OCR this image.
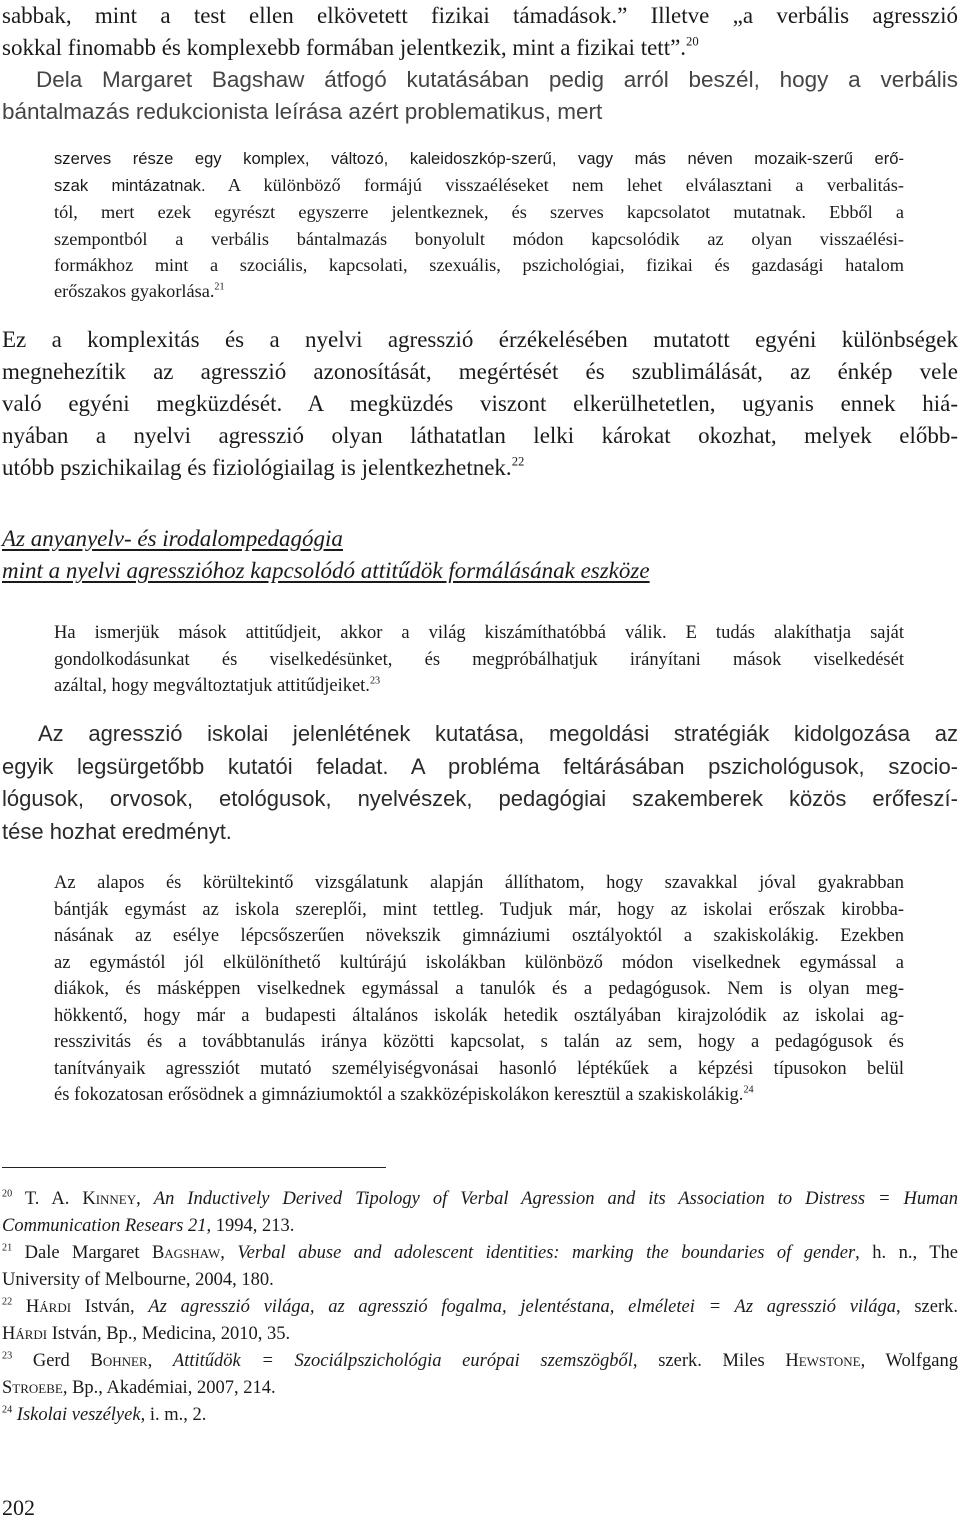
sabbak, mint a test ellen elkövetett fizikai támadások.” Illetve „a verbális agresszió
sokkal finomabb és komplexebb formában jelentkezik, mint a fizikai tett”.$^{20}$
Dela Margaret Bagshaw átfogó kutatásában pedig arról beszél, hogy a verbális
bántalmazás redukcionista leírása azért problematikus, mert
szerves része egy komplex, változó, kaleidoszkóp-szerű, vagy más néven mozaik-szerű erő-
szak mintázatnak. A különböző formájú visszaéléseket nem lehet elválasztani a verbalitás-
tól, mert ezek egyrészt egyszerre jelentkeznek, és szerves kapcsolatot mutatnak. Ebből a
szempontból a verbális bántalmazás bonyolult módon kapcsolódik az olyan visszaélési-
formákhoz mint a szociális, kapcsolati, szexuális, pszichológiai, fizikai és gazdasági hatalom
erőszakos gyakorlása.$^{21}$
Ez a komplexitás és a nyelvi agresszió érzékelésében mutatott egyéni különbségek
megnehezítik az agresszió azonosítását, megértését és szublimálását, az énkép vele
való egyéni megküzdését. A megküzdés viszont elkerülhetetlen, ugyanis ennek hiá-
nyában a nyelvi agresszió olyan láthatatlan lelki károkat okozhat, melyek előbb-
utóbb pszichikailag és fiziológiailag is jelentkezhetnek.$^{22}$
Az anyanyelv- és irodalompedagógia
mint a nyelvi agresszióhoz kapcsolódó attitűdök formálásának eszköze
Ha ismerjük mások attitűdjeit, akkor a világ kiszámíthatóbbá válik. E tudás alakíthatja saját
gondolkodásunkat és viselkedésünket, és megpróbálhatjuk irányítani mások viselkedését
azáltal, hogy megváltoztatjuk attitűdjeiket.$^{23}$
Az agresszió iskolai jelenlétének kutatása, megoldási stratégiák kidolgozása az
egyik legsürgetőbb kutatói feladat. A probléma feltárásában pszichológusok, szocio-
lógusok, orvosok, etológusok, nyelvészek, pedagógiai szakemberek közös erőfeszí-
tése hozhat eredményt.
Az alapos és körültekintő vizsgálatunk alapján állíthatom, hogy szavakkal jóval gyakrabban
bántják egymást az iskola szereplői, mint tettleg. Tudjuk már, hogy az iskolai erőszak kirobba-
násának az esélye lépcsőszerűen növekszik gimnáziumi osztályoktól a szakiskolákig. Ezekben
az egymástól jól elkülöníthető kultúrájú iskolákban különböző módon viselkednek egymással a
diákok, és másképpen viselkednek egymással a tanulók és a pedagógusok. Nem is olyan meg-
hökkentő, hogy már a budapesti általános iskolák hetedik osztályában kirajzolódik az iskolai ag-
resszivitás és a továbbtanulás iránya közötti kapcsolat, s talán az sem, hogy a pedagógusok és
tanítványaik agressziót mutató személyiségvonásai hasonló léptékűek a képzési típusokon belül
és fokozatosan erősödnek a gimnáziumoktól a szakközépiskolákon keresztül a szakiskolákig.$^{24}$
$^{20}$ T. A. Kinney, An Inductively Derived Tipology of Verbal Agression and its Association to Distress = Human
Communication Resears 21, 1994, 213.
$^{21}$ Dale Margaret Bagshaw, Verbal abuse and adolescent identities: marking the boundaries of gender, h. n., The
University of Melbourne, 2004, 180.
$^{22}$ Hárdi István, Az agresszió világa, az agresszió fogalma, jelentéstana, elméletei = Az agresszió világa, szerk.
Hárdi István, Bp., Medicina, 2010, 35.
$^{23}$ Gerd Bohner, Attitűdök = Szociálpszichológia európai szemszögből, szerk. Miles Hewstone, Wolfgang
Stroebe, Bp., Akadémiai, 2007, 214.
$^{24}$ Iskolai veszélyek, i. m., 2.
202
